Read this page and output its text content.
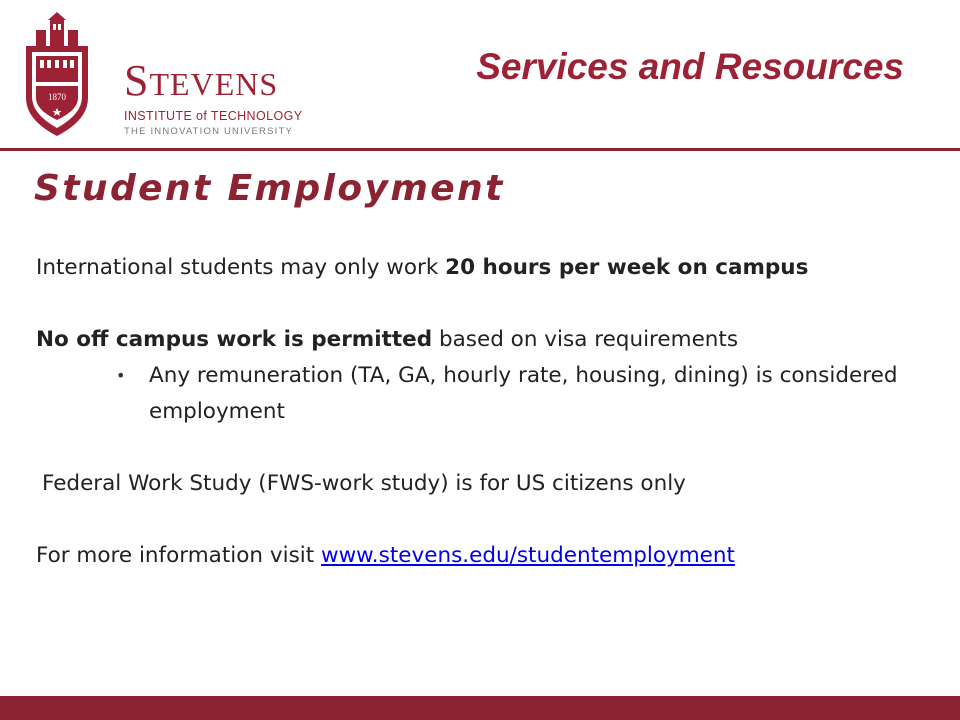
1870 STEVENS
INSTITUTE of TECHNOLOGY
THE INNOVATION UNIVERSITY
Services and Resources
Student Employment

International students may only work 20 hours per week on campus

No off campus work is permitted based on visa requirements

• Any remuneration (TA, GA, hourly rate, housing, dining) is considered employment

Federal Work Study (FWS-work study) is for US citizens only

For more information visit www.stevens.edu/studentemployment
